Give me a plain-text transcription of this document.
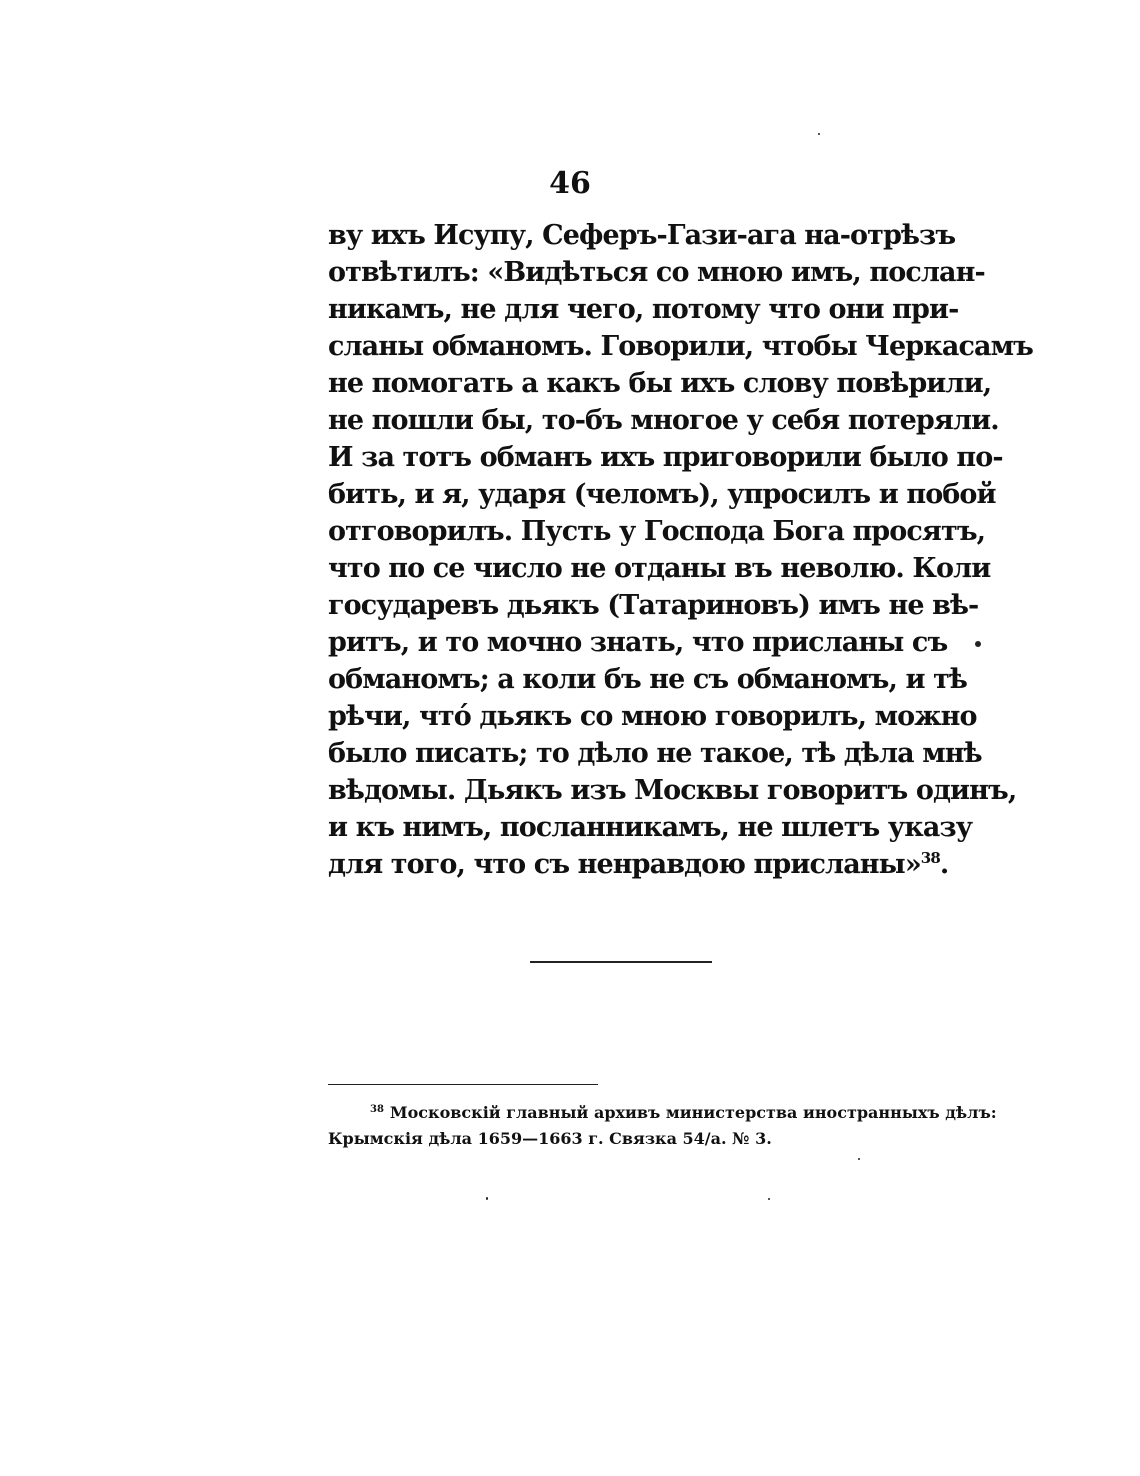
46
ву ихъ Исупу, Сеферъ-Гази-ага на-отрѣзъ
отвѣтилъ: «Видѣться со мною имъ, послан-
никамъ, не для чего, потому что они при-
сланы обманомъ. Говорили, чтобы Черкасамъ
не помогать а какъ бы ихъ слову повѣрили,
не пошли бы, то-бъ многое у себя потеряли.
И за тотъ обманъ ихъ приговорили было по-
бить, и я, ударя (челомъ), упросилъ и побой
отговорилъ. Пусть у Господа Бога просятъ,
что по се число не отданы въ неволю. Коли
государевъ дьякъ (Татариновъ) имъ не вѣ-
ритъ, и то мочно знать, что присланы съ
обманомъ; а коли бъ не съ обманомъ, и тѣ
рѣчи, что́ дьякъ со мною говорилъ, можно
было писать; то дѣло не такое, тѣ дѣла мнѣ
вѣдомы. Дьякъ изъ Москвы говоритъ одинъ,
и къ нимъ, посланникамъ, не шлетъ указу
для того, что съ ненравдою присланы»$^{38}$.
$^{38}$ Московскій главный архивъ министерства иностранныхъ дѣлъ:
Крымскія дѣла 1659—1663 г. Связка 54/а. № 3.
